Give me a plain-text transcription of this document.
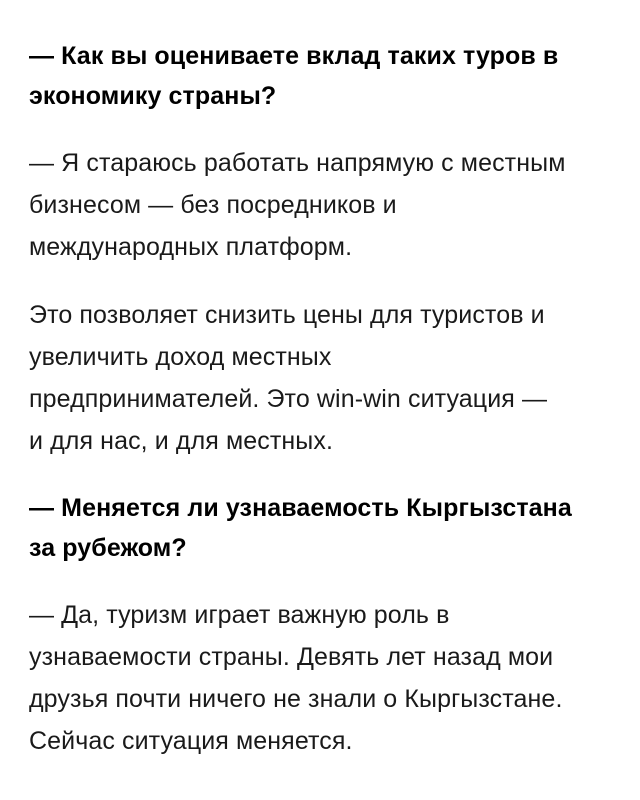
— Как вы оцениваете вклад таких туров в
экономику страны?
— Я стараюсь работать напрямую с местным
бизнесом — без посредников и
международных платформ.
Это позволяет снизить цены для туристов и
увеличить доход местных
предпринимателей. Это win-win ситуация —
и для нас, и для местных.
— Меняется ли узнаваемость Кыргызстана
за рубежом?
— Да, туризм играет важную роль в
узнаваемости страны. Девять лет назад мои
друзья почти ничего не знали о Кыргызстане.
Сейчас ситуация меняется.
